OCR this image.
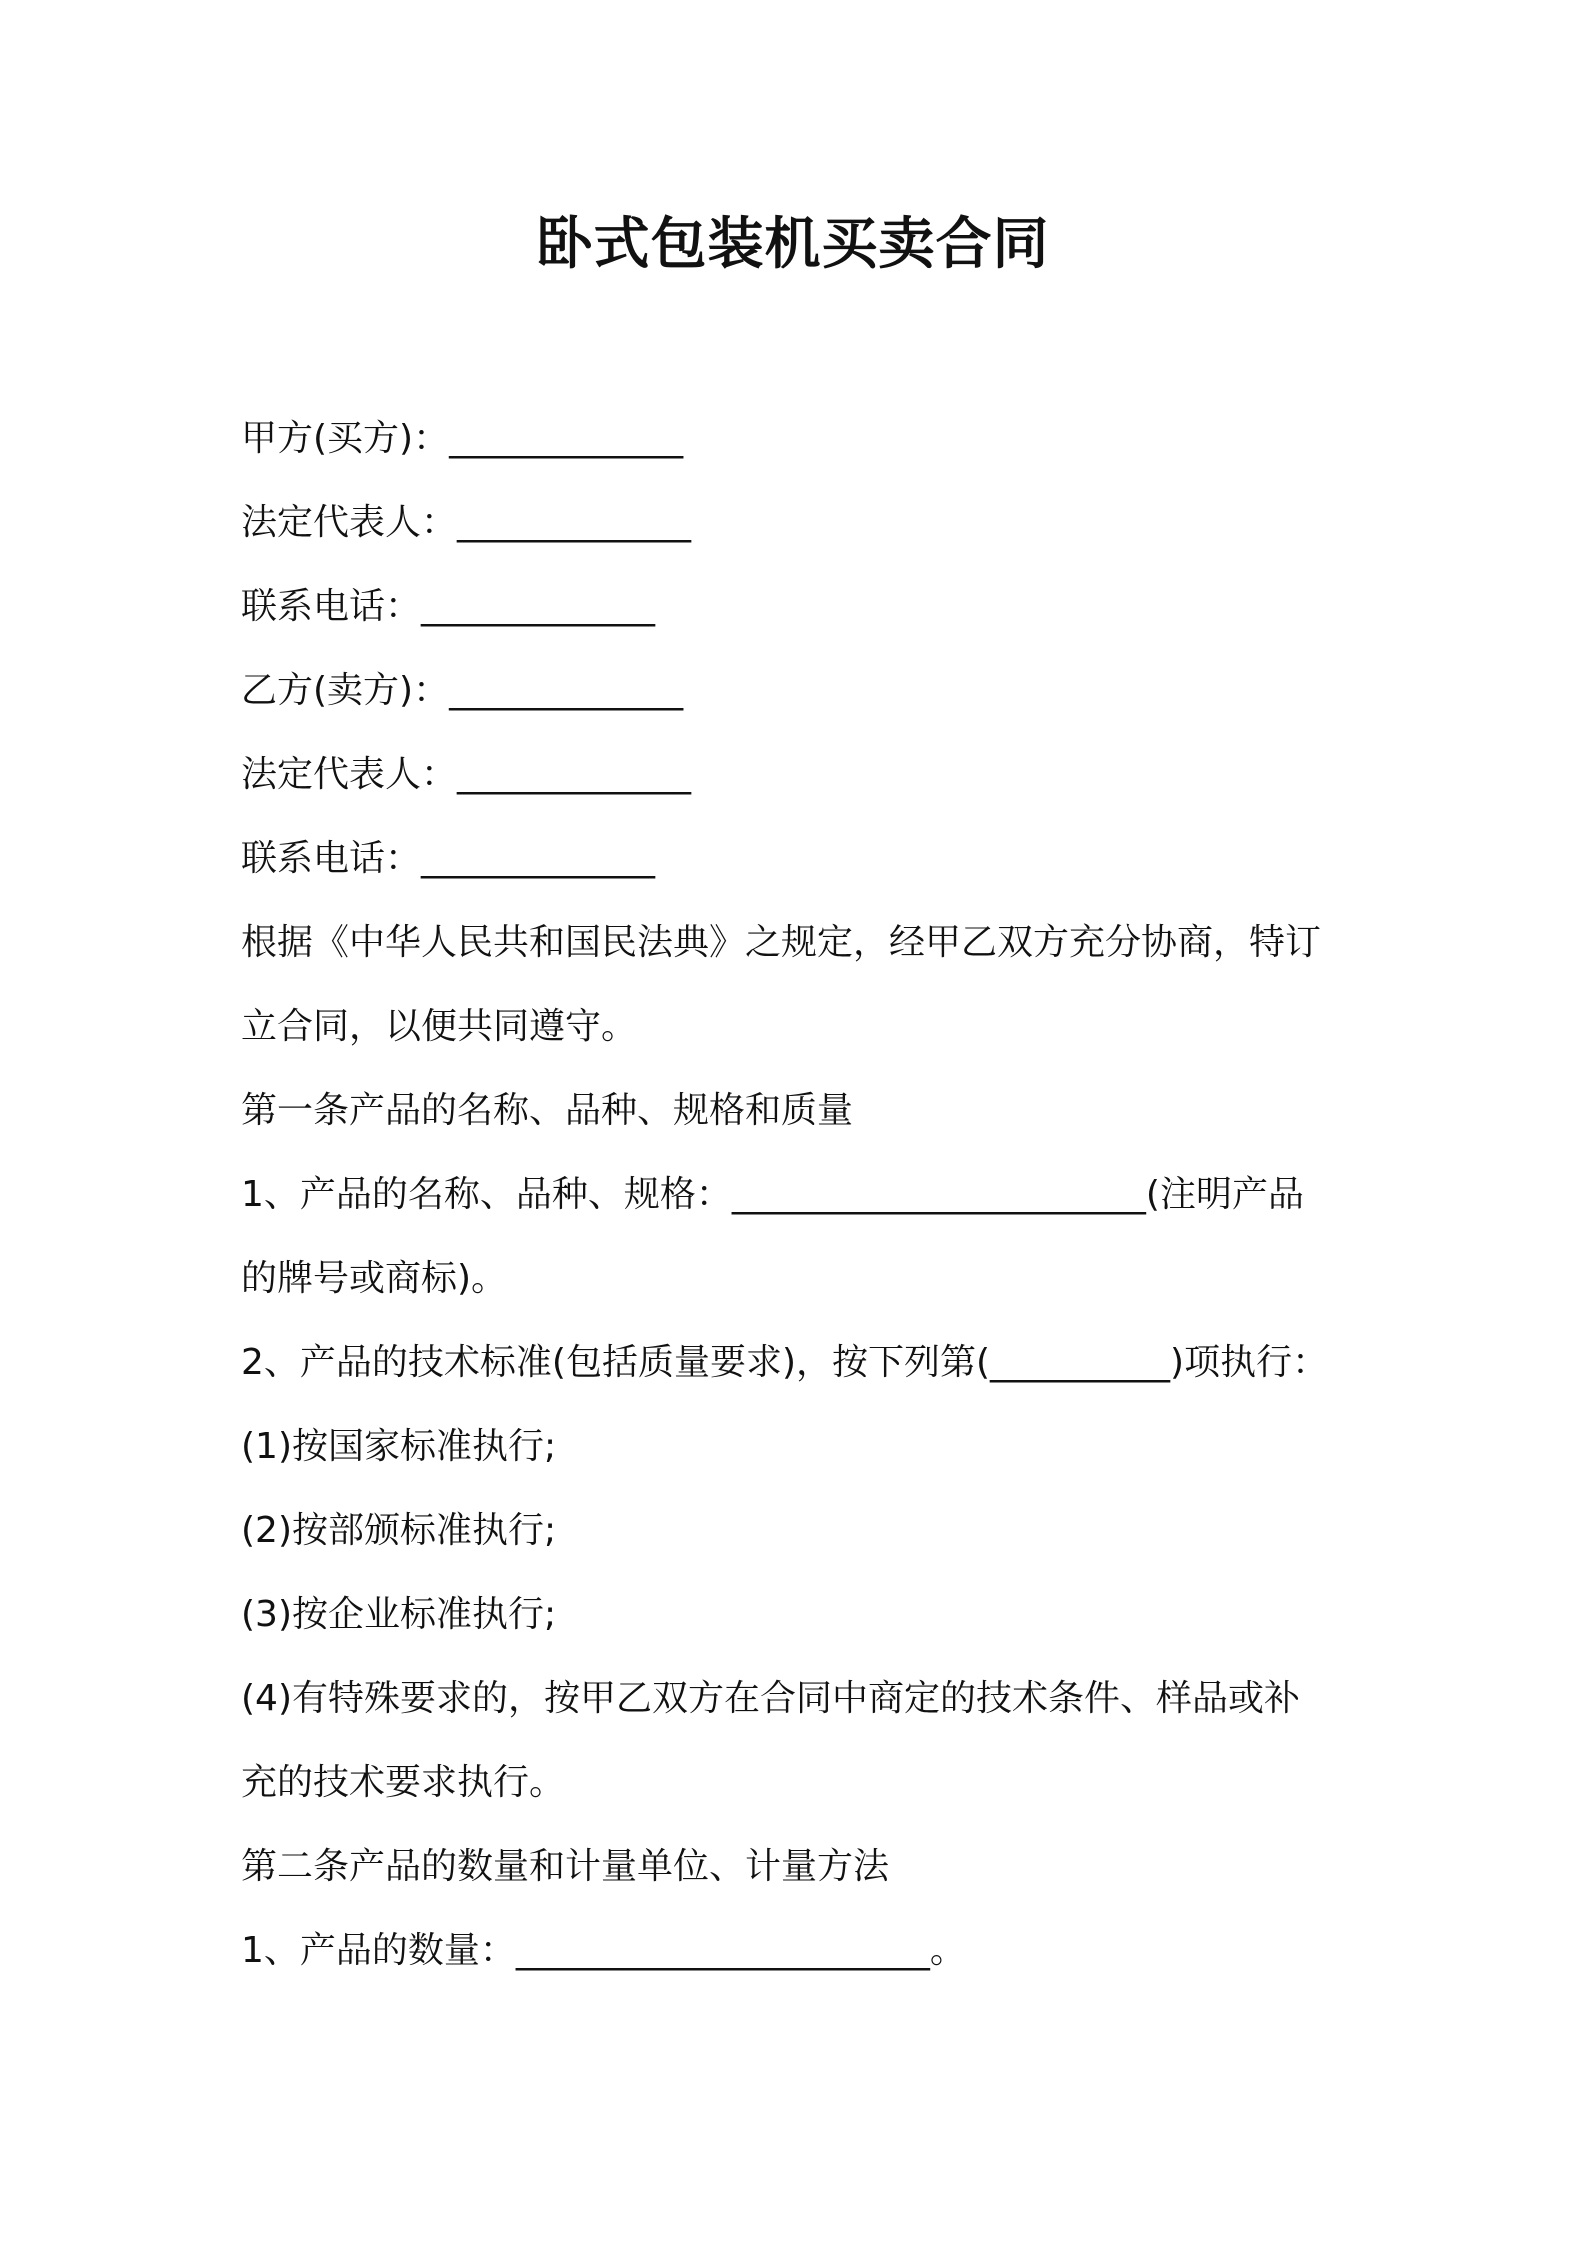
卧式包装机买卖合同
甲方(买方)：_____________
法定代表人：_____________
联系电话：_____________
乙方(卖方)：_____________
法定代表人：_____________
联系电话：_____________
根据《中华人民共和国民法典》之规定，经甲乙双方充分协商，特订
立合同，以便共同遵守。
第一条产品的名称、品种、规格和质量
1、产品的名称、品种、规格：_______________________(注明产品
的牌号或商标)。
2、产品的技术标准(包括质量要求)，按下列第(__________)项执行：
(1)按国家标准执行;
(2)按部颁标准执行;
(3)按企业标准执行;
(4)有特殊要求的，按甲乙双方在合同中商定的技术条件、样品或补
充的技术要求执行。
第二条产品的数量和计量单位、计量方法
1、产品的数量：_______________________。
